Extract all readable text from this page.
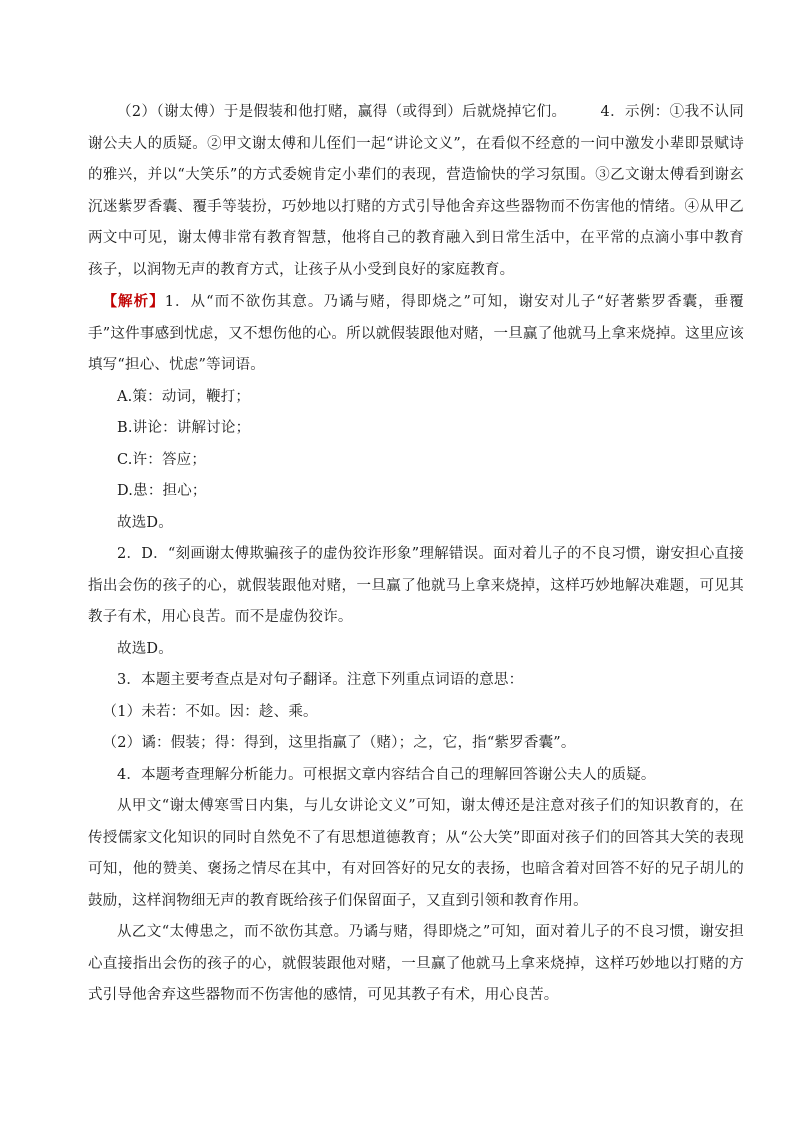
（2）（谢太傅）于是假装和他打赌，赢得（或得到）后就烧掉它们。 4．示例：①我不认同谢公夫人的质疑。②甲文谢太傅和儿侄们一起“讲论文义”，在看似不经意的一问中激发小辈即景赋诗的雅兴，并以“大笑乐”的方式委婉肯定小辈们的表现，营造愉快的学习氛围。③乙文谢太傅看到谢玄沉迷紫罗香囊、覆手等装扮，巧妙地以打赌的方式引导他舍弃这些器物而不伤害他的情绪。④从甲乙两文中可见，谢太傅非常有教育智慧，他将自己的教育融入到日常生活中，在平常的点滴小事中教育孩子，以润物无声的教育方式，让孩子从小受到良好的家庭教育。

【解析】1．从“而不欲伤其意。乃谲与赌，得即烧之”可知，谢安对儿子“好著紫罗香囊，垂覆手”这件事感到忧虑，又不想伤他的心。所以就假装跟他对赌，一旦赢了他就马上拿来烧掉。这里应该填写“担心、忧虑”等词语。

A.策：动词，鞭打；

B.讲论：讲解讨论；

C.许：答应；

D.患：担心；

故选D。

2．D．“刻画谢太傅欺骗孩子的虚伪狡诈形象”理解错误。面对着儿子的不良习惯，谢安担心直接指出会伤的孩子的心，就假装跟他对赌，一旦赢了他就马上拿来烧掉，这样巧妙地解决难题，可见其教子有术，用心良苦。而不是虚伪狡诈。

故选D。

3．本题主要考查点是对句子翻译。注意下列重点词语的意思：

（1）未若：不如。因：趁、乘。

（2）谲：假装；得：得到，这里指赢了（赌）；之，它，指“紫罗香囊”。

4．本题考查理解分析能力。可根据文章内容结合自己的理解回答谢公夫人的质疑。

从甲文“谢太傅寒雪日内集，与儿女讲论文义”可知，谢太傅还是注意对孩子们的知识教育的，在传授儒家文化知识的同时自然免不了有思想道德教育；从“公大笑”即面对孩子们的回答其大笑的表现可知，他的赞美、褒扬之情尽在其中，有对回答好的兄女的表扬，也暗含着对回答不好的兄子胡儿的鼓励，这样润物细无声的教育既给孩子们保留面子，又直到引领和教育作用。

从乙文“太傅患之，而不欲伤其意。乃谲与赌，得即烧之”可知，面对着儿子的不良习惯，谢安担心直接指出会伤的孩子的心，就假装跟他对赌，一旦赢了他就马上拿来烧掉，这样巧妙地以打赌的方式引导他舍弃这些器物而不伤害他的感情，可见其教子有术，用心良苦。
